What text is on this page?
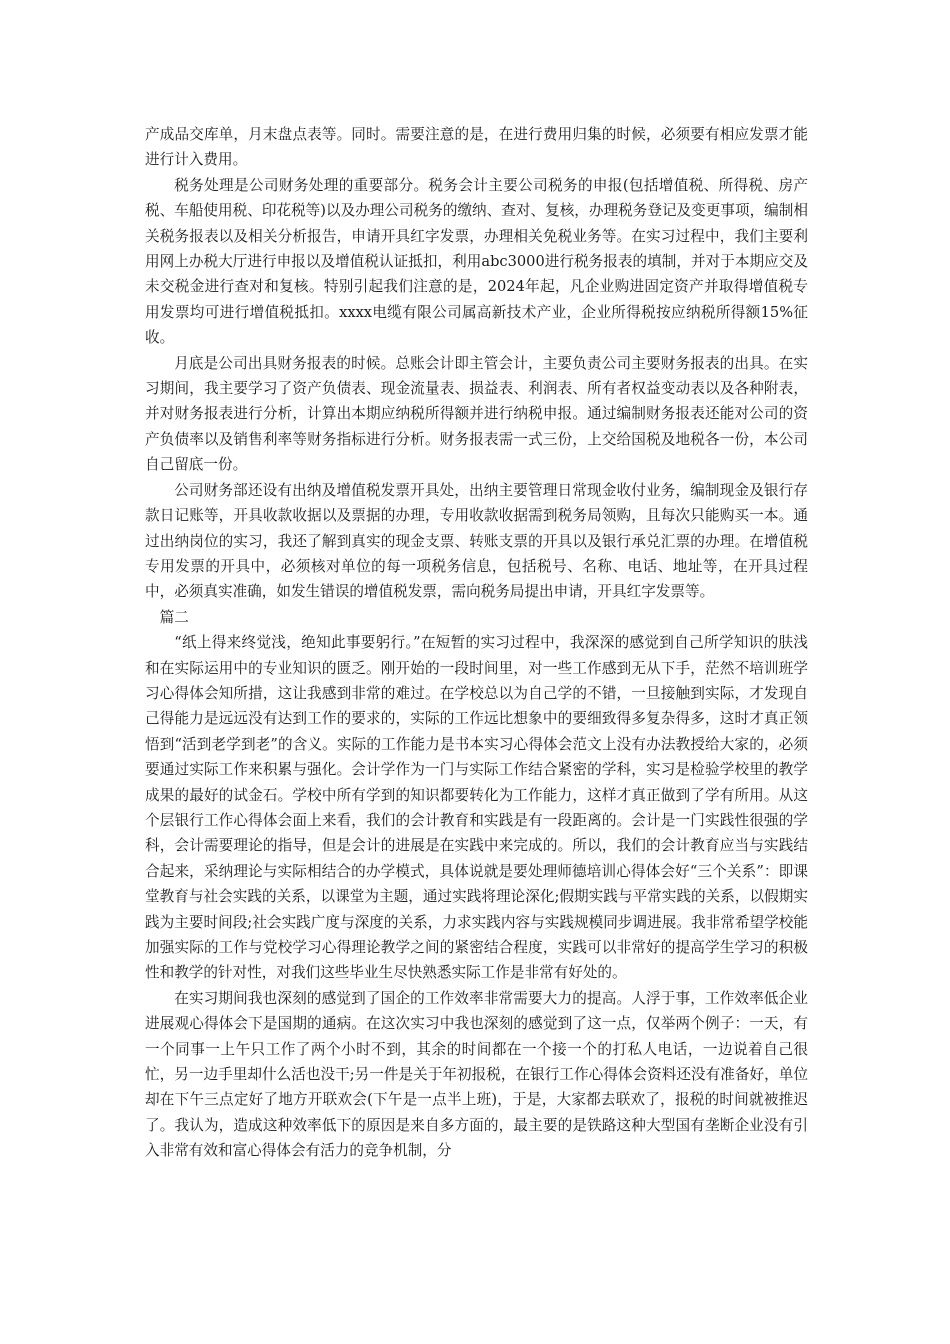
产成品交库单，月末盘点表等。同时。需要注意的是，在进行费用归集的时候，必须要有相应发票才能进行计入费用。

税务处理是公司财务处理的重要部分。税务会计主要公司税务的申报(包括增值税、所得税、房产税、车船使用税、印花税等)以及办理公司税务的缴纳、查对、复核，办理税务登记及变更事项，编制相关税务报表以及相关分析报告，申请开具红字发票，办理相关免税业务等。在实习过程中，我们主要利用网上办税大厅进行申报以及增值税认证抵扣，利用abc3000进行税务报表的填制，并对于本期应交及未交税金进行查对和复核。特别引起我们注意的是，2024年起，凡企业购进固定资产并取得增值税专用发票均可进行增值税抵扣。xxxx电缆有限公司属高新技术产业，企业所得税按应纳税所得额15%征收。

月底是公司出具财务报表的时候。总账会计即主管会计，主要负责公司主要财务报表的出具。在实习期间，我主要学习了资产负债表、现金流量表、损益表、利润表、所有者权益变动表以及各种附表，并对财务报表进行分析，计算出本期应纳税所得额并进行纳税申报。通过编制财务报表还能对公司的资产负债率以及销售利率等财务指标进行分析。财务报表需一式三份，上交给国税及地税各一份，本公司自己留底一份。

公司财务部还设有出纳及增值税发票开具处，出纳主要管理日常现金收付业务，编制现金及银行存款日记账等，开具收款收据以及票据的办理，专用收款收据需到税务局领购，且每次只能购买一本。通过出纳岗位的实习，我还了解到真实的现金支票、转账支票的开具以及银行承兑汇票的办理。在增值税专用发票的开具中，必须核对单位的每一项税务信息，包括税号、名称、电话、地址等，在开具过程中，必须真实准确，如发生错误的增值税发票，需向税务局提出申请，开具红字发票等。

篇二

“纸上得来终觉浅，绝知此事要躬行。”在短暂的实习过程中，我深深的感觉到自己所学知识的肤浅和在实际运用中的专业知识的匮乏。刚开始的一段时间里，对一些工作感到无从下手，茫然不培训班学习心得体会知所措，这让我感到非常的难过。在学校总以为自己学的不错，一旦接触到实际，才发现自己得能力是远远没有达到工作的要求的，实际的工作远比想象中的要细致得多复杂得多，这时才真正领悟到“活到老学到老”的含义。实际的工作能力是书本实习心得体会范文上没有办法教授给大家的，必须要通过实际工作来积累与强化。会计学作为一门与实际工作结合紧密的学科，实习是检验学校里的教学成果的最好的试金石。学校中所有学到的知识都要转化为工作能力，这样才真正做到了学有所用。从这个层银行工作心得体会面上来看，我们的会计教育和实践是有一段距离的。会计是一门实践性很强的学科，会计需要理论的指导，但是会计的进展是在实践中来完成的。所以，我们的会计教育应当与实践结合起来，采纳理论与实际相结合的办学模式，具体说就是要处理师德培训心得体会好“三个关系”：即课堂教育与社会实践的关系，以课堂为主题，通过实践将理论深化;假期实践与平常实践的关系，以假期实践为主要时间段;社会实践广度与深度的关系，力求实践内容与实践规模同步调进展。我非常希望学校能加强实际的工作与党校学习心得理论教学之间的紧密结合程度，实践可以非常好的提高学生学习的积极性和教学的针对性，对我们这些毕业生尽快熟悉实际工作是非常有好处的。

在实习期间我也深刻的感觉到了国企的工作效率非常需要大力的提高。人浮于事，工作效率低企业进展观心得体会下是国期的通病。在这次实习中我也深刻的感觉到了这一点，仅举两个例子：一天，有一个同事一上午只工作了两个小时不到，其余的时间都在一个接一个的打私人电话，一边说着自己很忙，另一边手里却什么活也没干;另一件是关于年初报税，在银行工作心得体会资料还没有准备好，单位却在下午三点定好了地方开联欢会(下午是一点半上班)，于是，大家都去联欢了，报税的时间就被推迟了。我认为，造成这种效率低下的原因是来自多方面的，最主要的是铁路这种大型国有垄断企业没有引入非常有效和富心得体会有活力的竞争机制，分
